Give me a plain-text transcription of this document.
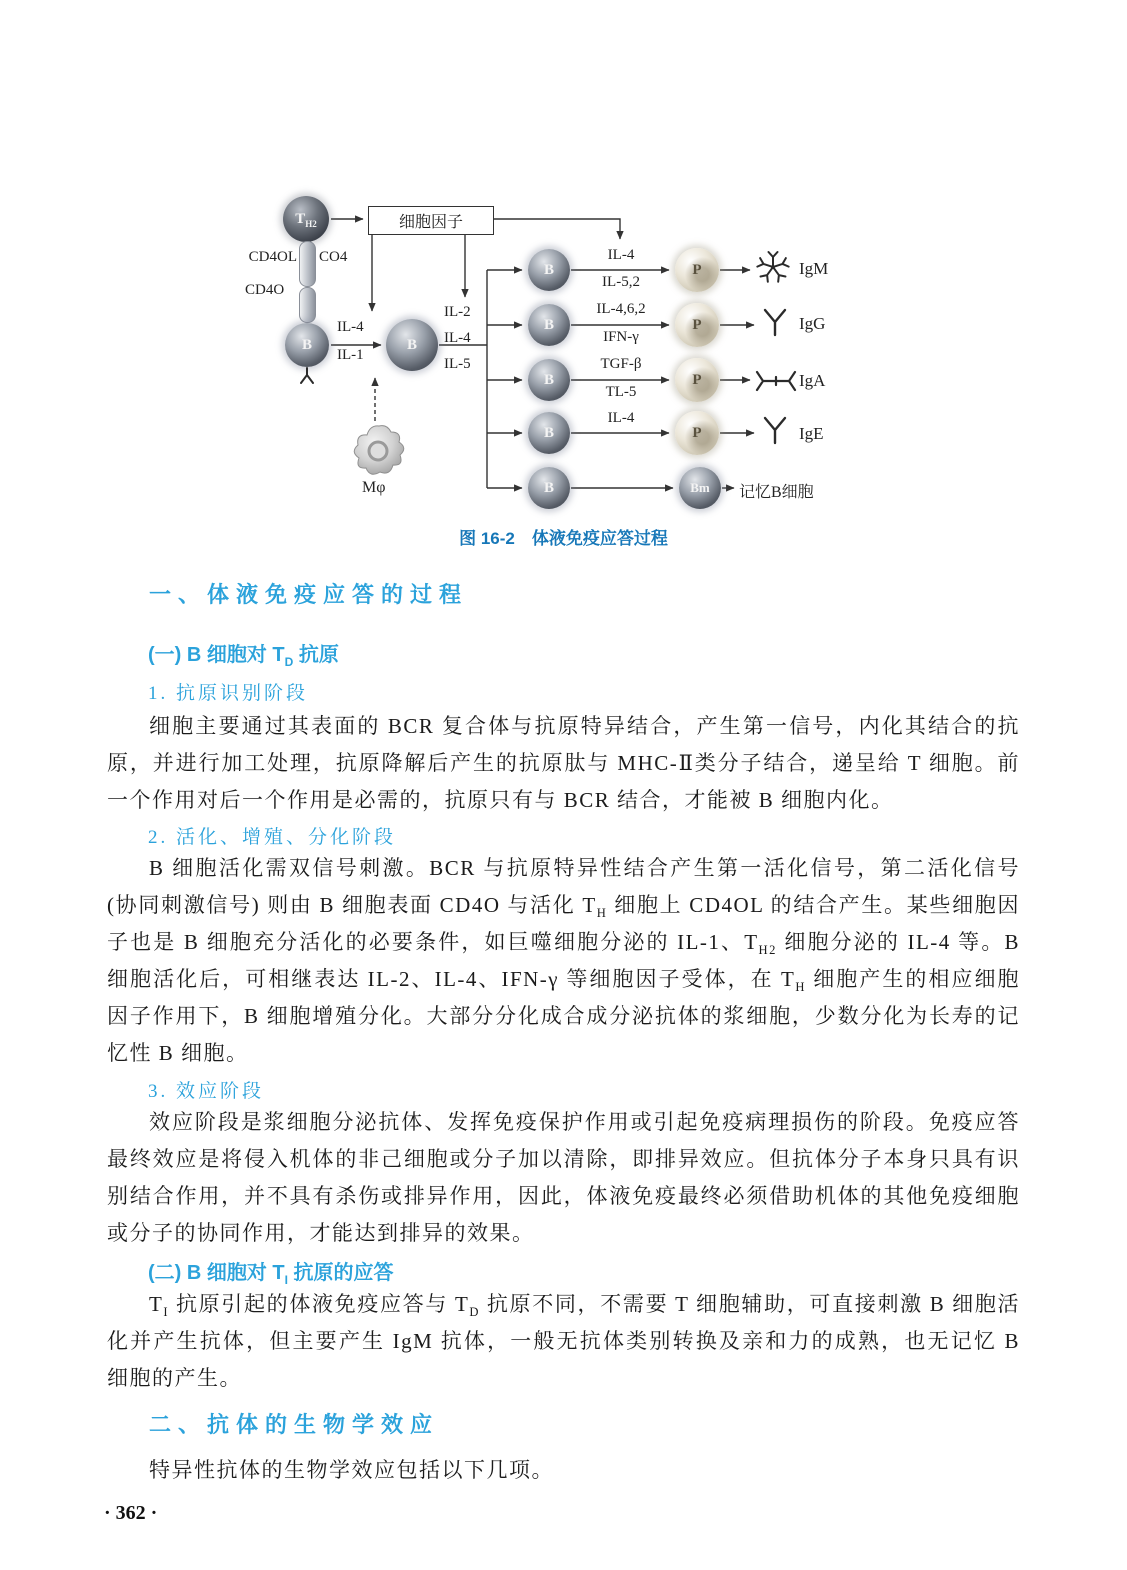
$T_{H2}$	细胞因子
B	B
B
B
B
B
B
P
P
P
P
Bm
CD4OL CO4
CD4O
IL-4
IL-1
IL-2
IL-4
IL-5
Mφ
IL-4
IL-5,2
IL-4,6,2
IFN-γ
TGF-β
TL-5
IL-4
IgM
IgG
IgA
IgE
记忆B细胞
图 16-2　体液免疫应答过程
一、体液免疫应答的过程
(一) B 细胞对 $T_D$ 抗原
1. 抗原识别阶段
细胞主要通过其表面的 BCR 复合体与抗原特异结合，产生第一信号，内化其结合的抗原，并进行加工处理，抗原降解后产生的抗原肽与 MHC-Ⅱ类分子结合，递呈给 T 细胞。前一个作用对后一个作用是必需的，抗原只有与 BCR 结合，才能被 B 细胞内化。
2. 活化、增殖、分化阶段
B 细胞活化需双信号刺激。BCR 与抗原特异性结合产生第一活化信号，第二活化信号 (协同刺激信号) 则由 B 细胞表面 CD4O 与活化 $T_H$ 细胞上 CD4OL 的结合产生。某些细胞因子也是 B 细胞充分活化的必要条件，如巨噬细胞分泌的 IL-1、$T_{H2}$ 细胞分泌的 IL-4 等。B 细胞活化后，可相继表达 IL-2、IL-4、IFN-γ 等细胞因子受体，在 $T_H$ 细胞产生的相应细胞因子作用下，B 细胞增殖分化。大部分分化成合成分泌抗体的浆细胞，少数分化为长寿的记忆性 B 细胞。
3. 效应阶段
效应阶段是浆细胞分泌抗体、发挥免疫保护作用或引起免疫病理损伤的阶段。免疫应答最终效应是将侵入机体的非己细胞或分子加以清除，即排异效应。但抗体分子本身只具有识别结合作用，并不具有杀伤或排异作用，因此，体液免疫最终必须借助机体的其他免疫细胞或分子的协同作用，才能达到排异的效果。
(二) B 细胞对 $T_I$ 抗原的应答
$T_I$ 抗原引起的体液免疫应答与 $T_D$ 抗原不同，不需要 T 细胞辅助，可直接刺激 B 细胞活化并产生抗体，但主要产生 IgM 抗体，一般无抗体类别转换及亲和力的成熟，也无记忆 B 细胞的产生。
二、抗体的生物学效应
特异性抗体的生物学效应包括以下几项。
· 362 ·
